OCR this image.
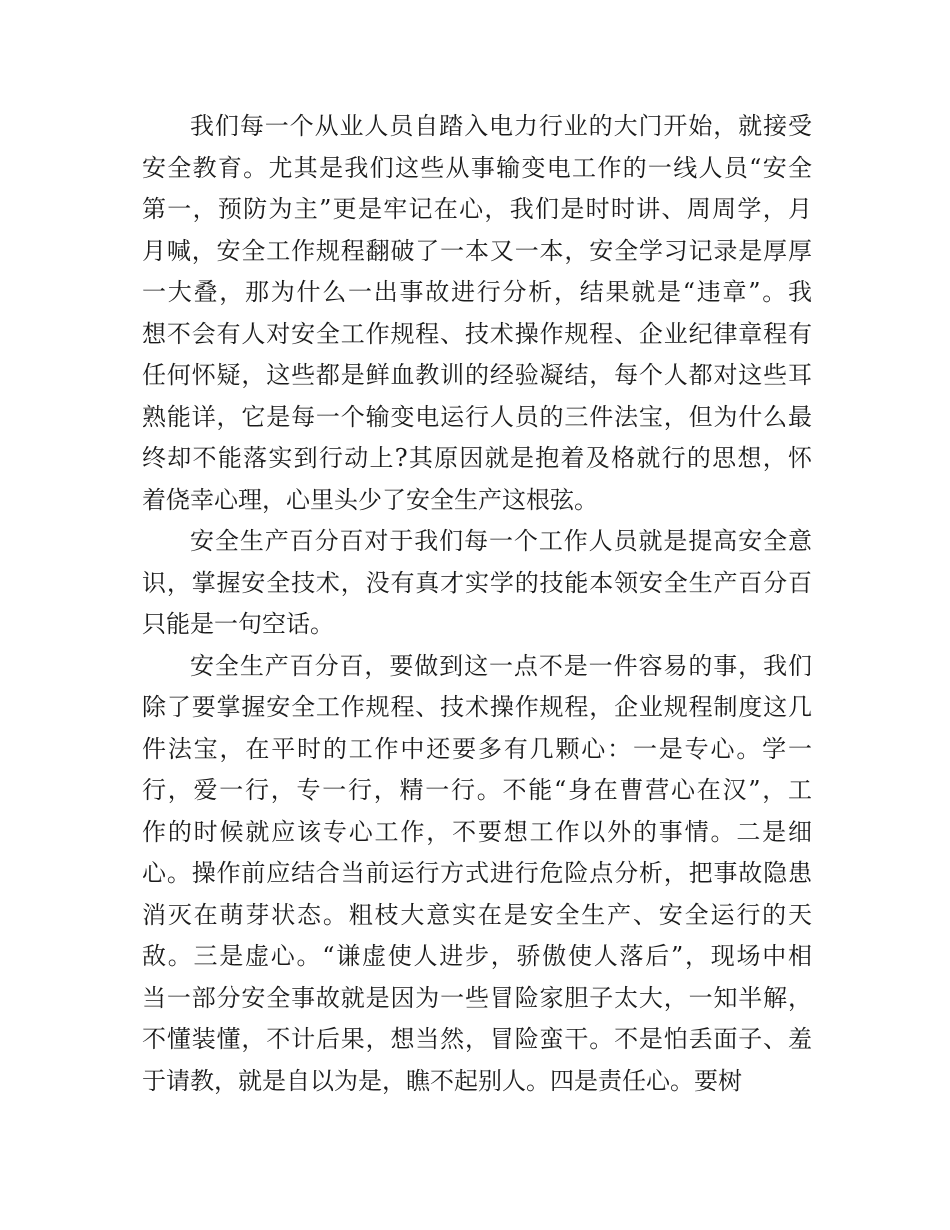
我们每一个从业人员自踏入电力行业的大门开始，就接受
安全教育。尤其是我们这些从事输变电工作的一线人员“安全
第一，预防为主”更是牢记在心，我们是时时讲、周周学，月
月喊，安全工作规程翻破了一本又一本，安全学习记录是厚厚
一大叠，那为什么一出事故进行分析，结果就是“违章”。我
想不会有人对安全工作规程、技术操作规程、企业纪律章程有
任何怀疑，这些都是鲜血教训的经验凝结，每个人都对这些耳
熟能详，它是每一个输变电运行人员的三件法宝，但为什么最
终却不能落实到行动上?其原因就是抱着及格就行的思想，怀
着侥幸心理，心里头少了安全生产这根弦。
安全生产百分百对于我们每一个工作人员就是提高安全意
识，掌握安全技术，没有真才实学的技能本领安全生产百分百
只能是一句空话。
安全生产百分百，要做到这一点不是一件容易的事，我们
除了要掌握安全工作规程、技术操作规程，企业规程制度这几
件法宝，在平时的工作中还要多有几颗心：一是专心。学一
行，爱一行，专一行，精一行。不能“身在曹营心在汉”，工
作的时候就应该专心工作，不要想工作以外的事情。二是细
心。操作前应结合当前运行方式进行危险点分析，把事故隐患
消灭在萌芽状态。粗枝大意实在是安全生产、安全运行的天
敌。三是虚心。“谦虚使人进步，骄傲使人落后”，现场中相
当一部分安全事故就是因为一些冒险家胆子太大，一知半解，
不懂装懂，不计后果，想当然，冒险蛮干。不是怕丢面子、羞
于请教，就是自以为是，瞧不起别人。四是责任心。要树
